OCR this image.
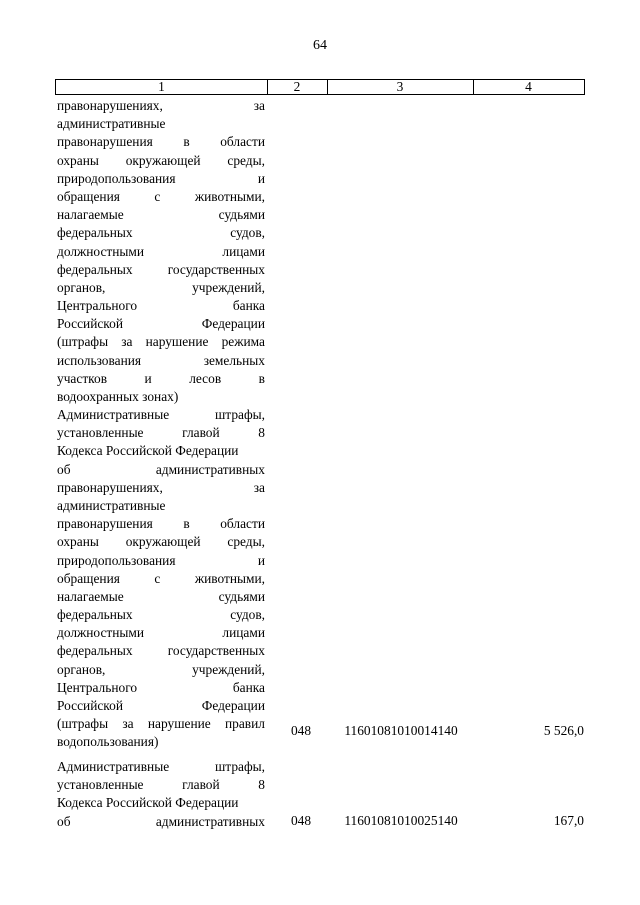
64
1	2	3	4
правонарушениях,	за
административные
правонарушения в области
охраны окружающей среды,
природопользования	и
обращения	с	животными,
налагаемые	судьями
федеральных	судов,
должностными	лицами
федеральных	государственных
органов,	учреждений,
Центрального	банка
Российской	Федерации
(штрафы за нарушение режима
использования	земельных
участков	и	лесов	в
водоохранных зонах)
Административные	штрафы,
установленные	главой	8
Кодекса Российской Федерации
об	административных
правонарушениях,	за
административные
правонарушения в области
охраны окружающей среды,
природопользования	и
обращения	с	животными,
налагаемые	судьями
федеральных	судов,
должностными	лицами
федеральных	государственных
органов,	учреждений,
Центрального	банка
Российской	Федерации
(штрафы за нарушение правил
водопользования)
048	11601081010014140	5 526,0
Административные	штрафы,
установленные	главой	8
Кодекса Российской Федерации
об	административных	048	11601081010025140	167,0
